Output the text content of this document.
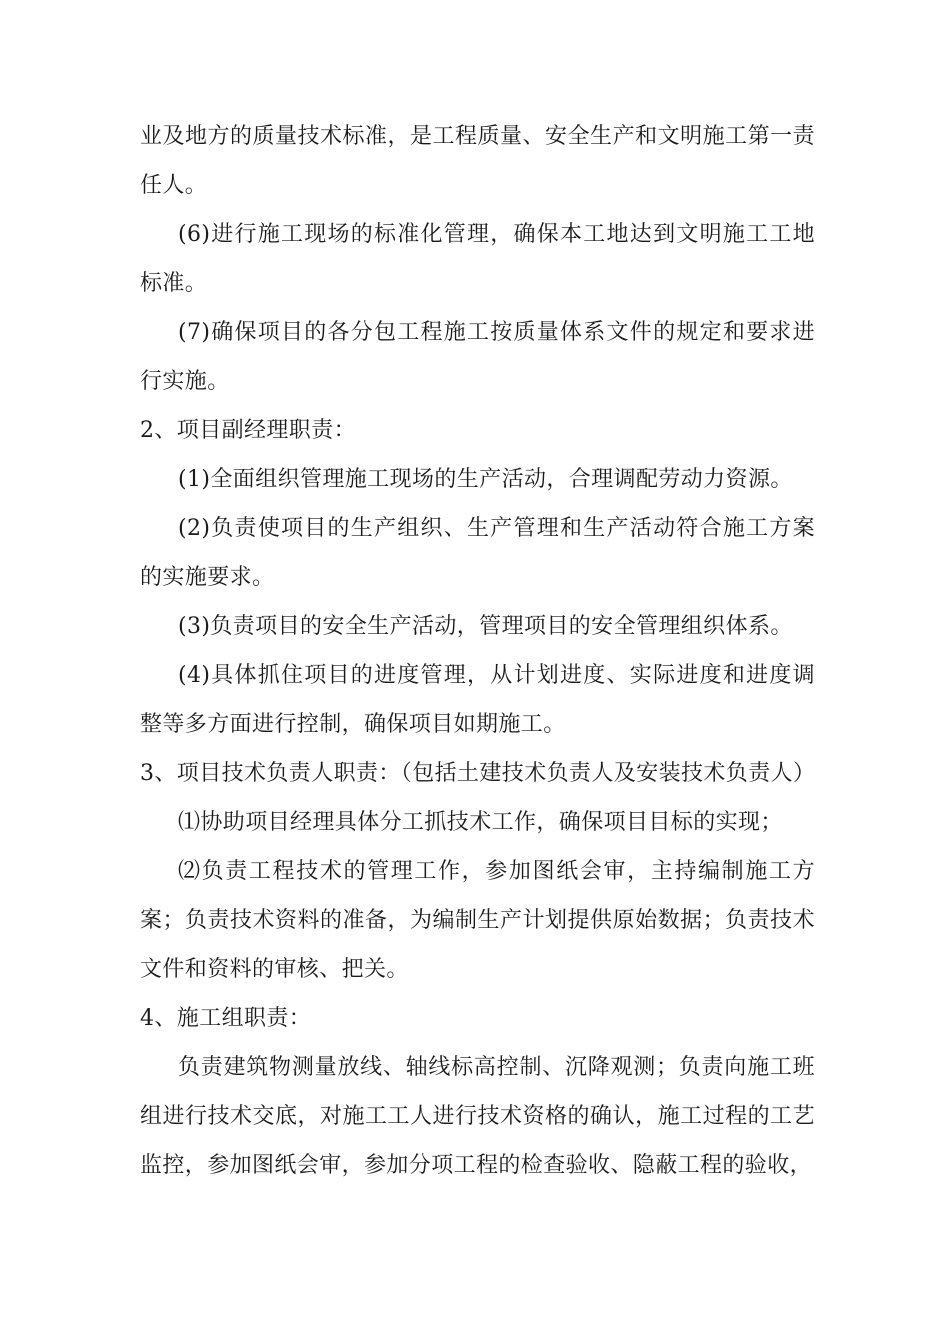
业及地方的质量技术标准，是工程质量、安全生产和文明施工第一责任人。

(6)进行施工现场的标准化管理，确保本工地达到文明施工工地标准。

(7)确保项目的各分包工程施工按质量体系文件的规定和要求进行实施。

2、项目副经理职责：

(1)全面组织管理施工现场的生产活动，合理调配劳动力资源。

(2)负责使项目的生产组织、生产管理和生产活动符合施工方案的实施要求。

(3)负责项目的安全生产活动，管理项目的安全管理组织体系。

(4)具体抓住项目的进度管理，从计划进度、实际进度和进度调整等多方面进行控制，确保项目如期施工。

3、项目技术负责人职责：（包括土建技术负责人及安装技术负责人）

⑴协助项目经理具体分工抓技术工作，确保项目目标的实现；

⑵负责工程技术的管理工作，参加图纸会审，主持编制施工方案；负责技术资料的准备，为编制生产计划提供原始数据；负责技术文件和资料的审核、把关。

4、施工组职责：

负责建筑物测量放线、轴线标高控制、沉降观测；负责向施工班组进行技术交底，对施工工人进行技术资格的确认，施工过程的工艺监控，参加图纸会审，参加分项工程的检查验收、隐蔽工程的验收，
